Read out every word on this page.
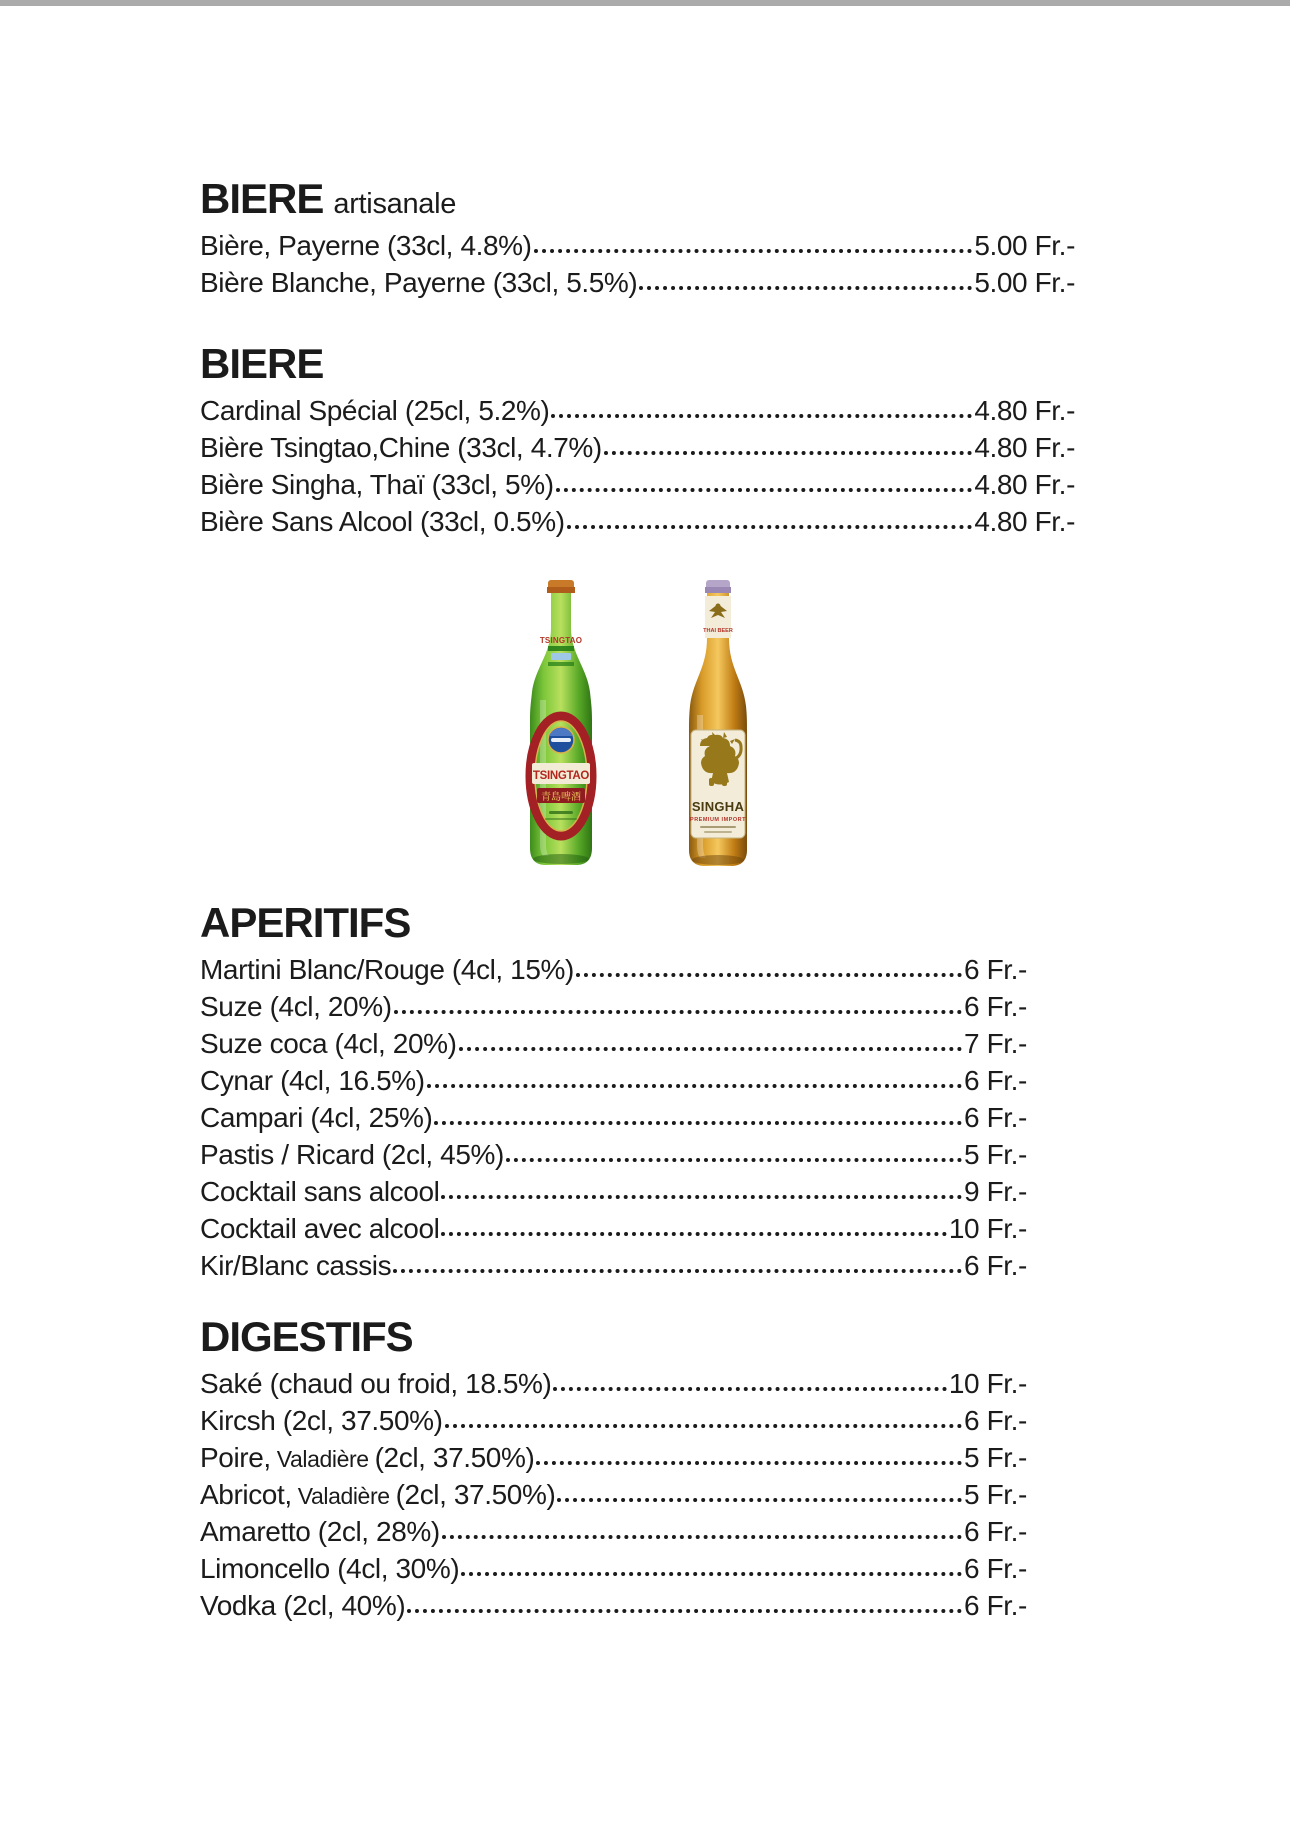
BIERE artisanale
Bière, Payerne (33cl, 4.8%)	5.00 Fr.-
Bière Blanche, Payerne (33cl, 5.5%)	5.00 Fr.-
BIERE
Cardinal Spécial (25cl, 5.2%)	4.80 Fr.-
Bière Tsingtao,Chine (33cl, 4.7%)	4.80 Fr.-
Bière Singha, Thaï (33cl, 5%)	4.80 Fr.-
Bière Sans Alcool (33cl, 0.5%)	4.80 Fr.-
TSINGTAO
TSINGTAO
青島啤酒
THAI BEER
SINGHA
PREMIUM IMPORT
APERITIFS
Martini Blanc/Rouge (4cl, 15%)	6 Fr.-
Suze (4cl, 20%)	6 Fr.-
Suze coca (4cl, 20%)	7 Fr.-
Cynar (4cl, 16.5%)	6 Fr.-
Campari (4cl, 25%)	6 Fr.-
Pastis / Ricard (2cl, 45%)	5 Fr.-
Cocktail sans alcool	9 Fr.-
Cocktail avec alcool	10 Fr.-
Kir/Blanc cassis	6 Fr.-
DIGESTIFS
Saké (chaud ou froid, 18.5%)	10 Fr.-
Kircsh (2cl, 37.50%)	6 Fr.-
Poire, Valadière (2cl, 37.50%)	5 Fr.-
Abricot, Valadière (2cl, 37.50%)	5 Fr.-
Amaretto (2cl, 28%)	6 Fr.-
Limoncello (4cl, 30%)	6 Fr.-
Vodka (2cl, 40%)	6 Fr.-
